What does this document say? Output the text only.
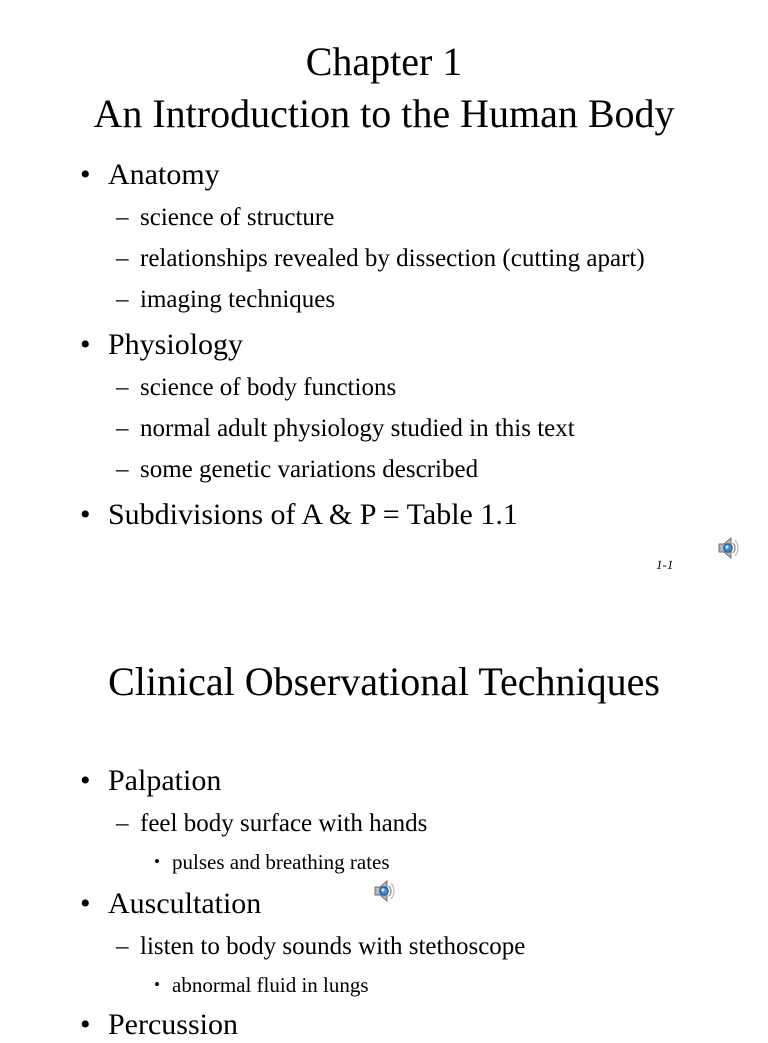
Chapter 1
An Introduction to the Human Body
• Anatomy
– science of structure
– relationships revealed by dissection (cutting apart)
– imaging techniques
• Physiology
– science of body functions
– normal adult physiology studied in this text
– some genetic variations described
• Subdivisions of A & P = Table 1.1
1-1
Clinical Observational Techniques
• Palpation
– feel body surface with hands
• pulses and breathing rates
• Auscultation
– listen to body sounds with stethoscope
• abnormal fluid in lungs
• Percussion
